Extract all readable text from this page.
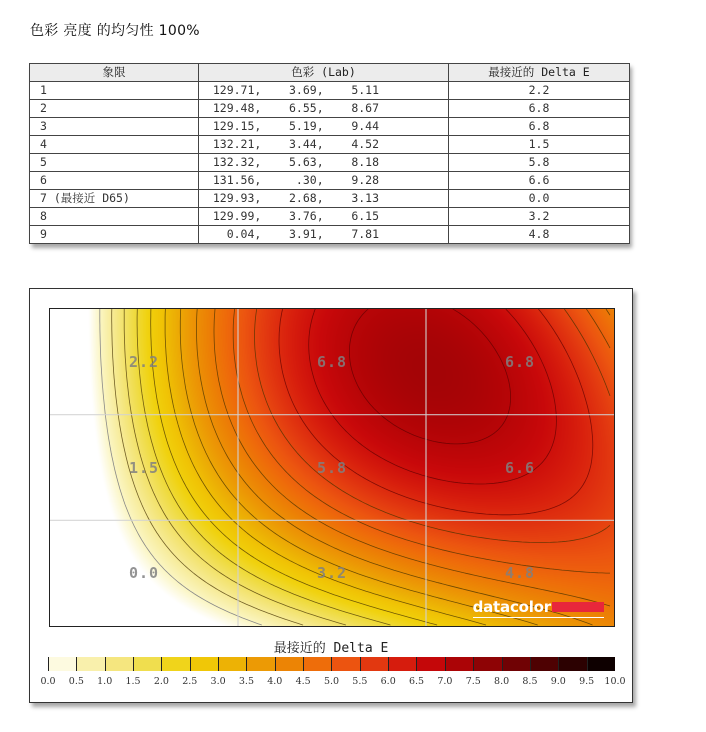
色彩 亮度 的均匀性 100%
象限	色彩 (Lab)	最接近的 Delta E
1	129.71,    3.69,    5.11	2.2
2	129.48,    6.55,    8.67	6.8
3	129.15,    5.19,    9.44	6.8
4	132.21,    3.44,    4.52	1.5
5	132.32,    5.63,    8.18	5.8
6	131.56,     .30,    9.28	6.6
7 (最接近 D65)	129.93,    2.68,    3.13	0.0
8	129.99,    3.76,    6.15	3.2
9	0.04,    3.91,    7.81	4.8
2.2	6.8	6.8
1.5	5.8	6.6
0.0	3.2	4.8
datacolor
最接近的 Delta E
0.0 0.5 1.0 1.5 2.0 2.5 3.0 3.5 4.0 4.5 5.0 5.5 6.0 6.5 7.0 7.5 8.0 8.5 9.0 9.5 10.0
